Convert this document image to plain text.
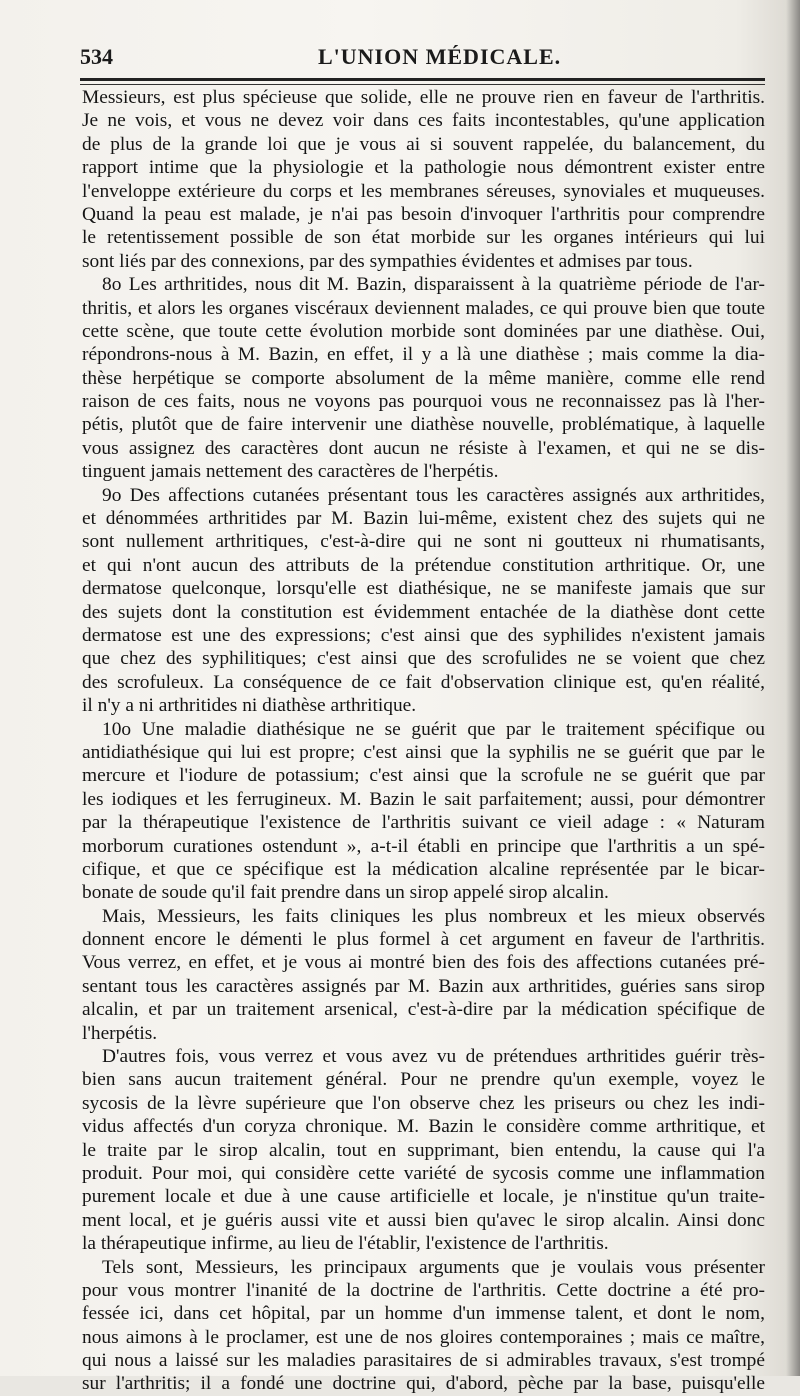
534	L'UNION MÉDICALE.
Messieurs, est plus spécieuse que solide, elle ne prouve rien en faveur de l'arthritis.
Je ne vois, et vous ne devez voir dans ces faits incontestables, qu'une application
de plus de la grande loi que je vous ai si souvent rappelée, du balancement, du
rapport intime que la physiologie et la pathologie nous démontrent exister entre
l'enveloppe extérieure du corps et les membranes séreuses, synoviales et muqueuses.
Quand la peau est malade, je n'ai pas besoin d'invoquer l'arthritis pour comprendre
le retentissement possible de son état morbide sur les organes intérieurs qui lui
sont liés par des connexions, par des sympathies évidentes et admises par tous.
8o Les arthritides, nous dit M. Bazin, disparaissent à la quatrième période de l'ar-
thritis, et alors les organes viscéraux deviennent malades, ce qui prouve bien que toute
cette scène, que toute cette évolution morbide sont dominées par une diathèse. Oui,
répondrons-nous à M. Bazin, en effet, il y a là une diathèse ; mais comme la dia-
thèse herpétique se comporte absolument de la même manière, comme elle rend
raison de ces faits, nous ne voyons pas pourquoi vous ne reconnaissez pas là l'her-
pétis, plutôt que de faire intervenir une diathèse nouvelle, problématique, à laquelle
vous assignez des caractères dont aucun ne résiste à l'examen, et qui ne se dis-
tinguent jamais nettement des caractères de l'herpétis.
9o Des affections cutanées présentant tous les caractères assignés aux arthritides,
et dénommées arthritides par M. Bazin lui-même, existent chez des sujets qui ne
sont nullement arthritiques, c'est-à-dire qui ne sont ni goutteux ni rhumatisants,
et qui n'ont aucun des attributs de la prétendue constitution arthritique. Or, une
dermatose quelconque, lorsqu'elle est diathésique, ne se manifeste jamais que sur
des sujets dont la constitution est évidemment entachée de la diathèse dont cette
dermatose est une des expressions; c'est ainsi que des syphilides n'existent jamais
que chez des syphilitiques; c'est ainsi que des scrofulides ne se voient que chez
des scrofuleux. La conséquence de ce fait d'observation clinique est, qu'en réalité,
il n'y a ni arthritides ni diathèse arthritique.
10o Une maladie diathésique ne se guérit que par le traitement spécifique ou
antidiathésique qui lui est propre; c'est ainsi que la syphilis ne se guérit que par le
mercure et l'iodure de potassium; c'est ainsi que la scrofule ne se guérit que par
les iodiques et les ferrugineux. M. Bazin le sait parfaitement; aussi, pour démontrer
par la thérapeutique l'existence de l'arthritis suivant ce vieil adage : « Naturam
morborum curationes ostendunt », a-t-il établi en principe que l'arthritis a un spé-
cifique, et que ce spécifique est la médication alcaline représentée par le bicar-
bonate de soude qu'il fait prendre dans un sirop appelé sirop alcalin.
Mais, Messieurs, les faits cliniques les plus nombreux et les mieux observés
donnent encore le démenti le plus formel à cet argument en faveur de l'arthritis.
Vous verrez, en effet, et je vous ai montré bien des fois des affections cutanées pré-
sentant tous les caractères assignés par M. Bazin aux arthritides, guéries sans sirop
alcalin, et par un traitement arsenical, c'est-à-dire par la médication spécifique de
l'herpétis.
D'autres fois, vous verrez et vous avez vu de prétendues arthritides guérir très-
bien sans aucun traitement général. Pour ne prendre qu'un exemple, voyez le
sycosis de la lèvre supérieure que l'on observe chez les priseurs ou chez les indi-
vidus affectés d'un coryza chronique. M. Bazin le considère comme arthritique, et
le traite par le sirop alcalin, tout en supprimant, bien entendu, la cause qui l'a
produit. Pour moi, qui considère cette variété de sycosis comme une inflammation
purement locale et due à une cause artificielle et locale, je n'institue qu'un traite-
ment local, et je guéris aussi vite et aussi bien qu'avec le sirop alcalin. Ainsi donc
la thérapeutique infirme, au lieu de l'établir, l'existence de l'arthritis.
Tels sont, Messieurs, les principaux arguments que je voulais vous présenter
pour vous montrer l'inanité de la doctrine de l'arthritis. Cette doctrine a été pro-
fessée ici, dans cet hôpital, par un homme d'un immense talent, et dont le nom,
nous aimons à le proclamer, est une de nos gloires contemporaines ; mais ce maître,
qui nous a laissé sur les maladies parasitaires de si admirables travaux, s'est trompé
sur l'arthritis; il a fondé une doctrine qui, d'abord, pèche par la base, puisqu'elle
